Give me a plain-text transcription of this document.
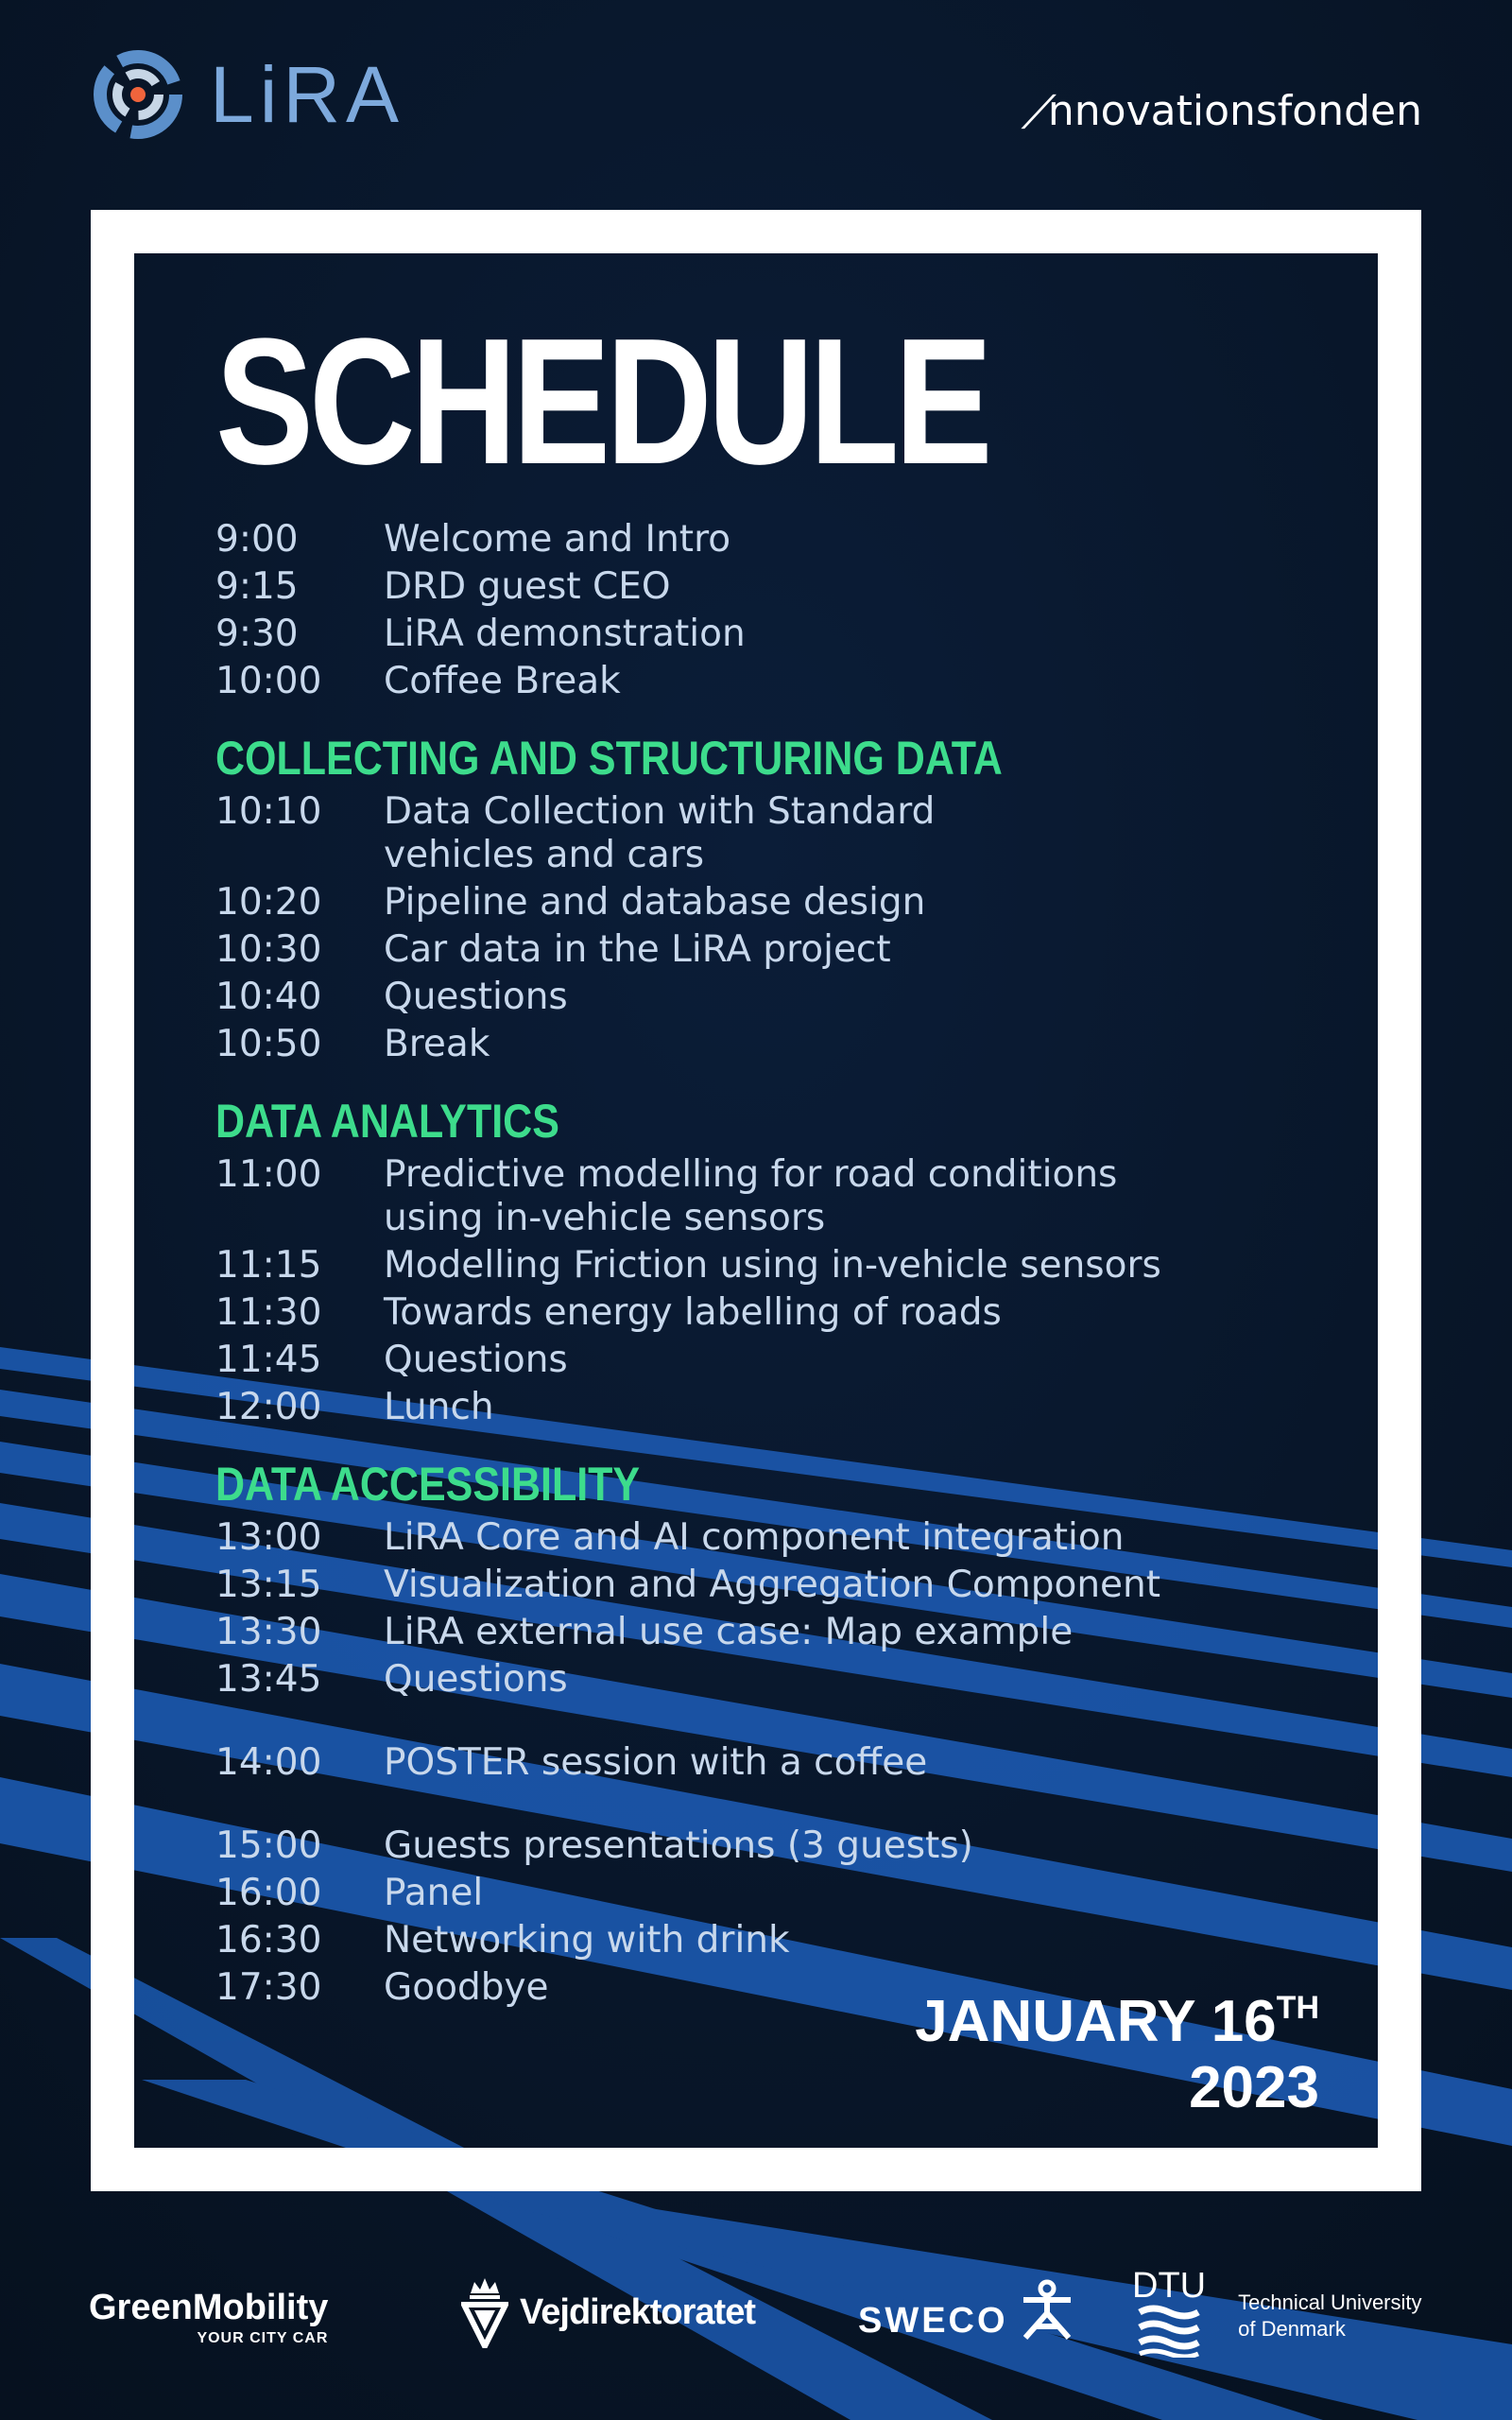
LiRA	/nnovationsfonden
SCHEDULE
9:00	Welcome and Intro
9:15	DRD guest CEO
9:30	LiRA demonstration
10:00	Coffee Break
COLLECTING AND STRUCTURING DATA
10:10	Data Collection with Standard
vehicles and cars
10:20	Pipeline and database design
10:30	Car data in the LiRA project
10:40	Questions
10:50	Break
DATA ANALYTICS
11:00	Predictive modelling for road conditions
using in-vehicle sensors
11:15	Modelling Friction using in-vehicle sensors
11:30	Towards energy labelling of roads
11:45	Questions
12:00	Lunch
DATA ACCESSIBILITY
13:00	LiRA Core and AI component integration
13:15	Visualization and Aggregation Component
13:30	LiRA external use case: Map example
13:45	Questions
14:00	POSTER session with a coffee
15:00	Guests presentations (3 guests)
16:00	Panel
16:30	Networking with drink
17:30	Goodbye
JANUARY 16TH
2023
GreenMobility
YOUR CITY CAR
Vejdirektoratet	SWECO
DTU Technical University
of Denmark
